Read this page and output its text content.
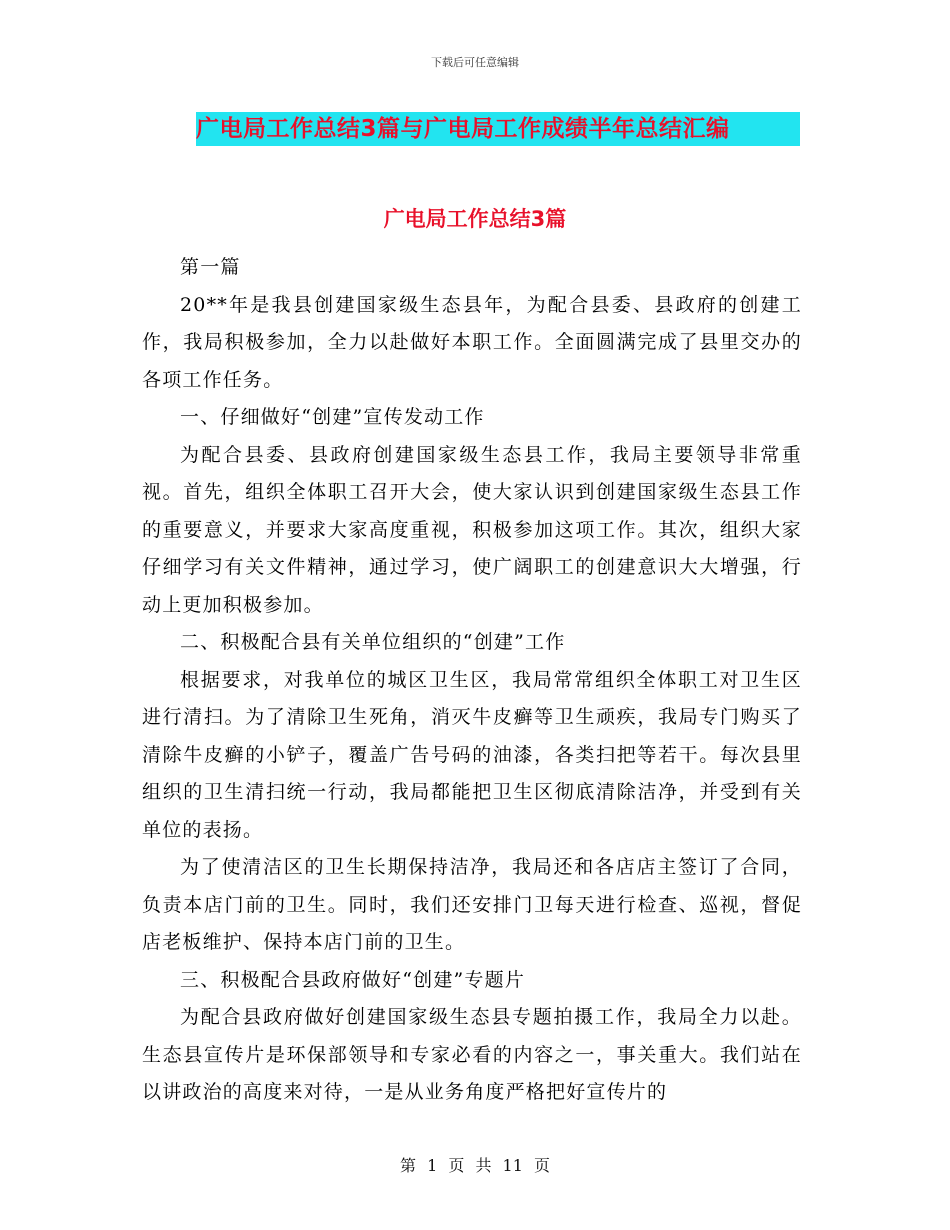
下载后可任意编辑
广电局工作总结3篇与广电局工作成绩半年总结汇编
广电局工作总结3篇

第一篇

20**年是我县创建国家级生态县年，为配合县委、县政府的创建工作，我局积极参加，全力以赴做好本职工作。全面圆满完成了县里交办的各项工作任务。

一、仔细做好“创建”宣传发动工作

为配合县委、县政府创建国家级生态县工作，我局主要领导非常重视。首先，组织全体职工召开大会，使大家认识到创建国家级生态县工作的重要意义，并要求大家高度重视，积极参加这项工作。其次，组织大家仔细学习有关文件精神，通过学习，使广阔职工的创建意识大大增强，行动上更加积极参加。

二、积极配合县有关单位组织的“创建”工作

根据要求，对我单位的城区卫生区，我局常常组织全体职工对卫生区进行清扫。为了清除卫生死角，消灭牛皮癣等卫生顽疾，我局专门购买了清除牛皮癣的小铲子，覆盖广告号码的油漆，各类扫把等若干。每次县里组织的卫生清扫统一行动，我局都能把卫生区彻底清除洁净，并受到有关单位的表扬。

为了使清洁区的卫生长期保持洁净，我局还和各店店主签订了合同，负责本店门前的卫生。同时，我们还安排门卫每天进行检查、巡视，督促店老板维护、保持本店门前的卫生。

三、积极配合县政府做好“创建”专题片

为配合县政府做好创建国家级生态县专题拍摄工作，我局全力以赴。生态县宣传片是环保部领导和专家必看的内容之一，事关重大。我们站在以讲政治的高度来对待，一是从业务角度严格把好宣传片的

第 1 页 共 11 页
